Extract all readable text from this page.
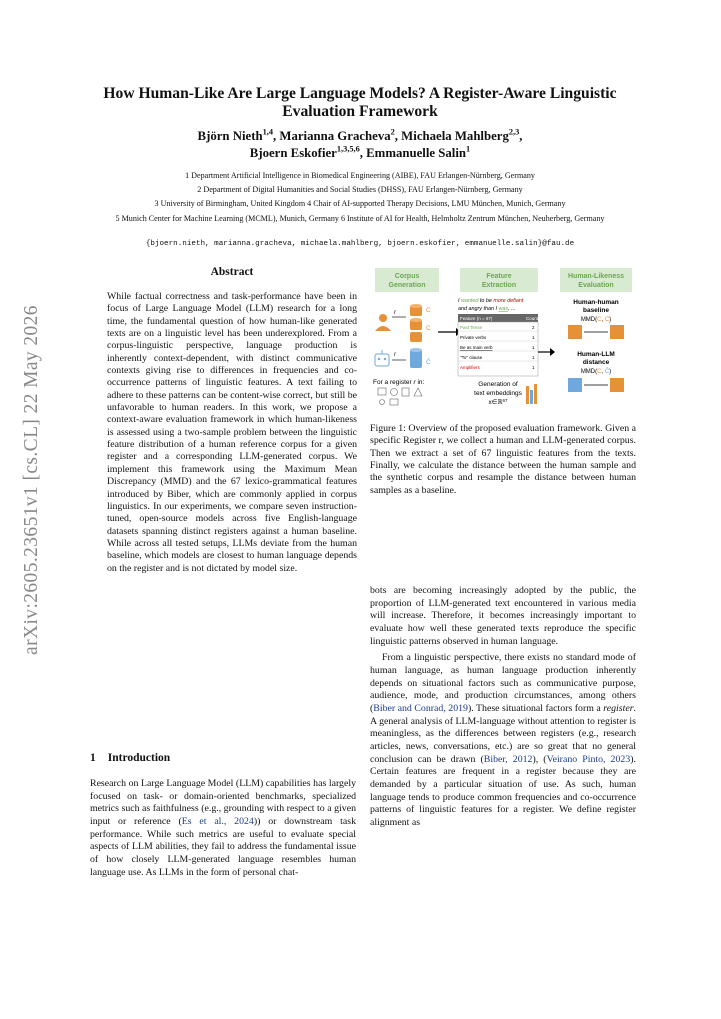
arXiv:2605.23651v1 [cs.CL] 22 May 2026
How Human-Like Are Large Language Models? A Register-Aware Linguistic Evaluation Framework
Björn Nieth$^{1,4}$, Marianna Gracheva$^2$, Michaela Mahlberg$^{2,3}$,
Bjoern Eskofier$^{1,3,5,6}$, Emmanuelle Salin$^1$
1 Department Artificial Intelligence in Biomedical Engineering (AIBE), FAU Erlangen-Nürnberg, Germany
2 Department of Digital Humanities and Social Studies (DHSS), FAU Erlangen-Nürnberg, Germany
3 University of Birmingham, United Kingdom 4 Chair of AI-supported Therapy Decisions, LMU München, Munich, Germany
5 Munich Center for Machine Learning (MCML), Munich, Germany 6 Institute of AI for Health, Helmholtz Zentrum München, Neuherberg, Germany
{bjoern.nieth, marianna.gracheva, michaela.mahlberg, bjoern.eskofier, emmanuelle.salin}@fau.de
Abstract
While factual correctness and task-performance have been in focus of Large Language Model (LLM) research for a long time, the fundamental question of how human-like generated texts are on a linguistic level has been underexplored. From a corpus-linguistic perspective, language production is inherently context-dependent, with distinct communicative contexts giving rise to differences in frequencies and co-occurrence patterns of linguistic features. A text failing to adhere to these patterns can be content-wise correct, but still be unfavorable to human readers. In this work, we propose a context-aware evaluation framework in which human-likeness is assessed using a two-sample problem between the linguistic feature distribution of a human reference corpus for a given register and a corresponding LLM-generated corpus. We implement this framework using the Maximum Mean Discrepancy (MMD) and the 67 lexico-grammatical features introduced by Biber, which are commonly applied in corpus linguistics. In our experiments, we compare seven instruction-tuned, open-source models across five English-language datasets spanning distinct registers against a human baseline. While across all tested setups, LLMs deviate from the human baseline, which models are closest to human language depends on the register and is not dictated by model size.
1 Introduction
Research on Large Language Model (LLM) capabilities has largely focused on task- or domain-oriented benchmarks, specialized metrics such as faithfulness (e.g., grounding with respect to a given input or reference (Es et al., 2024)) or downstream task performance. While such metrics are useful to evaluate special aspects of LLM abilities, they fail to address the fundamental issue of how closely LLM-generated language resembles human language use. As LLMs in the form of personal chat-
Corpus
Generation
Feature
Extraction
Human-Likeness
Evaluation
r	C
C
r
Ĉ
For a register r in:
I wanted to be more defiant
and angry than I was, ...
Feature (n = 67)	Count
Past Tense	2
Private verbs	1
Be as main verb	1
"To" clause	1
Amplifiers	1
Generation of
text embeddings
x∈ℝ$^{67}$
Human-human
baseline
MMD(C, C)
Human-LLM
distance
MMD(C, Ĉ)
Figure 1: Overview of the proposed evaluation framework. Given a specific Register r, we collect a human and LLM-generated corpus. Then we extract a set of 67 linguistic features from the texts. Finally, we calculate the distance between the human sample and the synthetic corpus and resample the distance between human samples as a baseline.

bots are becoming increasingly adopted by the public, the proportion of LLM-generated text encountered in various media will increase. Therefore, it becomes increasingly important to evaluate how well these generated texts reproduce the specific linguistic patterns observed in human language.

From a linguistic perspective, there exists no standard mode of human language, as human language production inherently depends on situational factors such as communicative purpose, audience, mode, and production circumstances, among others (Biber and Conrad, 2019). These situational factors form a register. A general analysis of LLM-language without attention to register is meaningless, as the differences between registers (e.g., research articles, news, conversations, etc.) are so great that no general conclusion can be drawn (Biber, 2012), (Veirano Pinto, 2023). Certain features are frequent in a register because they are demanded by a particular situation of use. As such, human language tends to produce common frequencies and co-occurrence patterns of linguistic features for a register. We define register alignment as
